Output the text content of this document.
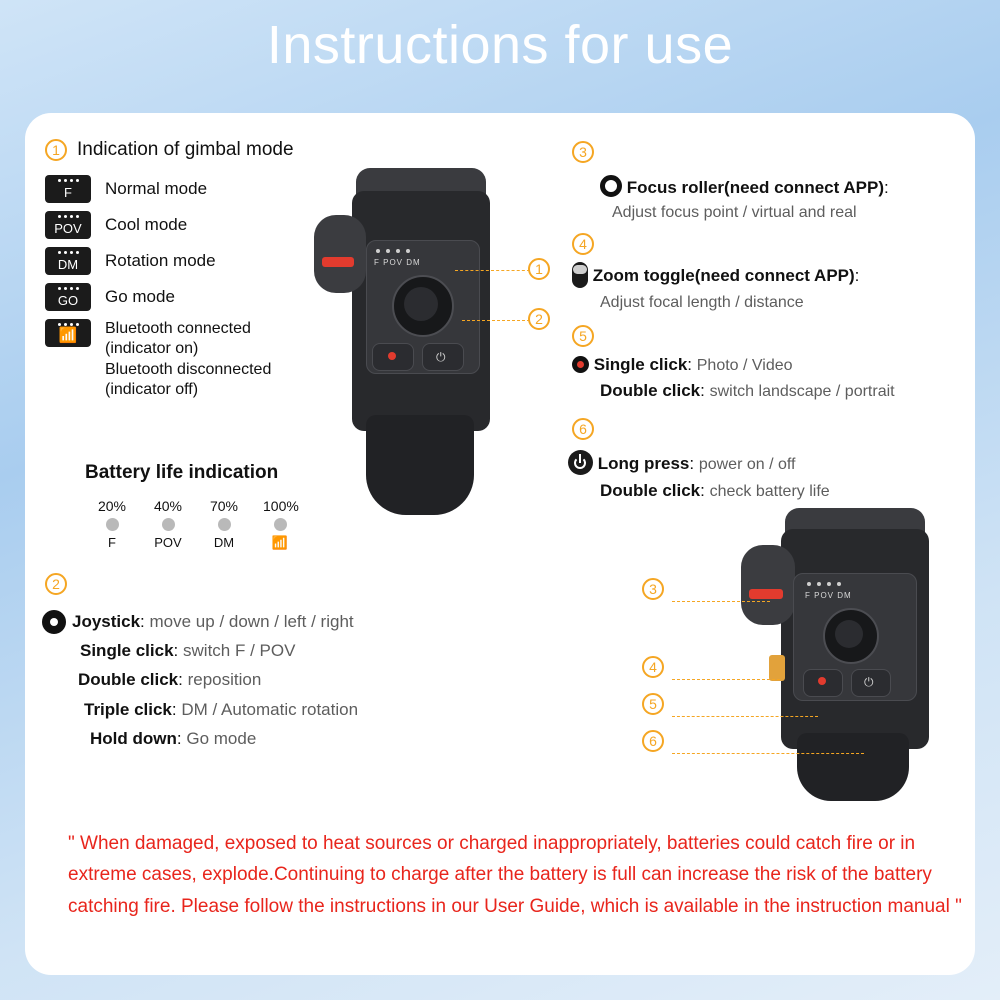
Instructions for use
1 Indication of gimbal mode
F Normal mode
POV Cool mode
DM Rotation mode
GO Go mode
📶 Bluetooth connected
(indicator on)
Bluetooth disconnected
(indicator off)
Battery life indication
20% 40% 70% 100%
F	POV	DM	📶
2
Joystick: move up / down / left / right
Single click: switch F / POV
Double click: reposition
Triple click: DM / Automatic rotation
Hold down: Go mode
3
Focus roller(need connect APP):
Adjust focus point / virtual and real
4
Zoom toggle(need connect APP):
Adjust focal length / distance
5
Single click: Photo / Video
Double click: switch landscape / portrait
6
Long press: power on / off
Double click: check battery life
F POV DM
⏻
1
2
F POV DM
⏻
3
4
5
6
" When damaged, exposed to heat sources or charged inappropriately, batteries could catch fire or in extreme cases, explode.Continuing to charge after the battery is full can increase the risk of the battery catching fire. Please follow the instructions in our User Guide, which is available in the instruction manual "
